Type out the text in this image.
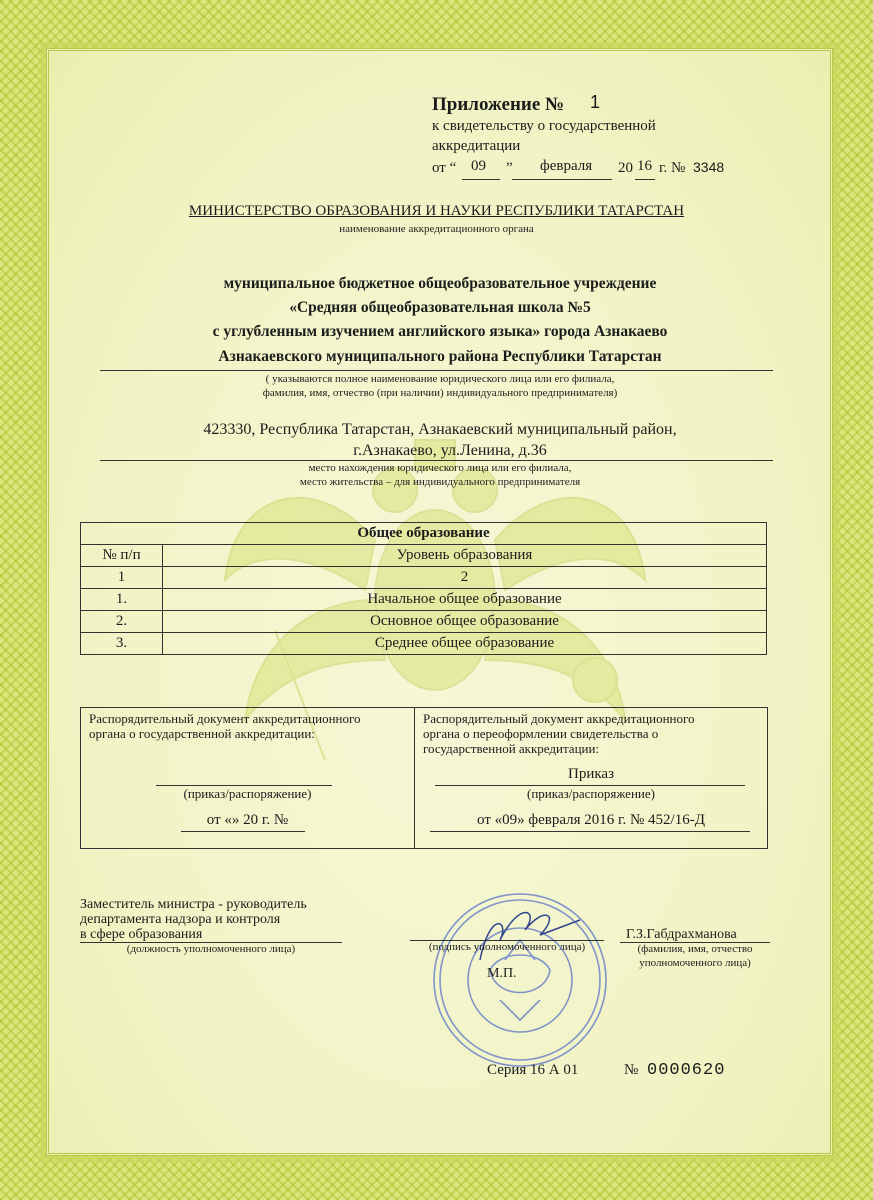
Приложение № 1
к свидетельству о государственной
аккредитации
от “ 09 ” февраля 20 16 г. № 3348
МИНИСТЕРСТВО ОБРАЗОВАНИЯ И НАУКИ РЕСПУБЛИКИ ТАТАРСТАН
наименование аккредитационного органа
муниципальное бюджетное общеобразовательное учреждение
«Средняя общеобразовательная школа №5
с углубленным изучением английского языка» города Азнакаево
Азнакаевского муниципального района Республики Татарстан
( указываются полное наименование юридического лица или его филиала,
фамилия, имя, отчество (при наличии) индивидуального предпринимателя)
423330, Республика Татарстан, Азнакаевский муниципальный район,
г.Азнакаево, ул.Ленина, д.36
место нахождения юридического лица или его филиала,
место жительства – для индивидуального предпринимателя
Общее образование	
№ п/п	Уровень образования
1	2
1.	Начальное общее образование
2.	Основное общее образование
3.	Среднее общее образование
Распорядительный документ аккредитационного
органа о государственной аккредитации:
(приказ/распоряжение)
от «» 20 г. №
Распорядительный документ аккредитационного
органа о переоформлении свидетельства о
государственной аккредитации:
Приказ
(приказ/распоряжение)
от «09» февраля 2016 г. № 452/16-Д
Заместитель министра - руководитель
департамента надзора и контроля
в сфере образования
(должность уполномоченного лица)	(подпись уполномоченного лица)
Г.З.Габдрахманова
(фамилия, имя, отчество
уполномоченного лица)
М.П.
Серия 16 А 01	№ 0000620
